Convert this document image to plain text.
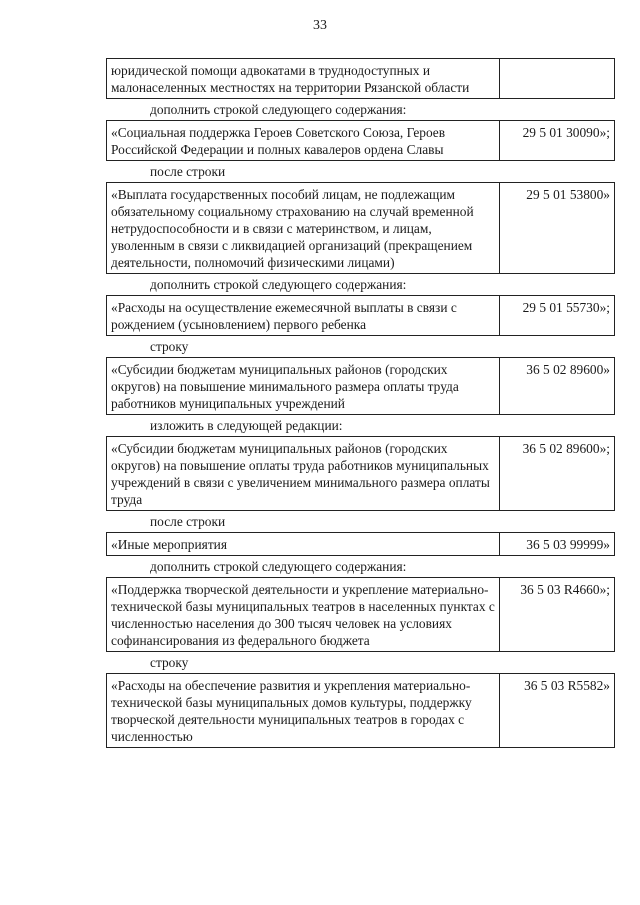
33
юридической помощи адвокатами в труднодоступных и малонаселенных местностях на территории Рязанской области
дополнить строкой следующего содержания:
«Социальная поддержка Героев Советского Союза, Героев Российской Федерации и полных кавалеров ордена Славы
29 5 01 30090»;
после строки
«Выплата государственных пособий лицам, не подлежащим обязательному социальному страхованию на случай временной нетрудоспособности и в связи с материнством, и лицам, уволенным в связи с ликвидацией организаций (прекращением деятельности, полномочий физическими лицами)
29 5 01 53800»
дополнить строкой следующего содержания:
«Расходы на осуществление ежемесячной выплаты в связи с рождением (усыновлением) первого ребенка
29 5 01 55730»;
строку
«Субсидии бюджетам муниципальных районов (городских округов) на повышение минимального размера оплаты труда работников муниципальных учреждений
36 5 02 89600»
изложить в следующей редакции:
«Субсидии бюджетам муниципальных районов (городских округов) на повышение оплаты труда работников муниципальных учреждений в связи с увеличением минимального размера оплаты труда
36 5 02 89600»;
после строки
«Иные мероприятия	36 5 03 99999»
дополнить строкой следующего содержания:
«Поддержка творческой деятельности и укрепление материально-технической базы муниципальных театров в населенных пунктах с численностью населения до 300 тысяч человек на условиях софинансирования из федерального бюджета
36 5 03 R4660»;
строку
«Расходы на обеспечение развития и укрепления материально-технической базы муниципальных домов культуры, поддержку творческой деятельности муниципальных театров в городах с численностью
36 5 03 R5582»
